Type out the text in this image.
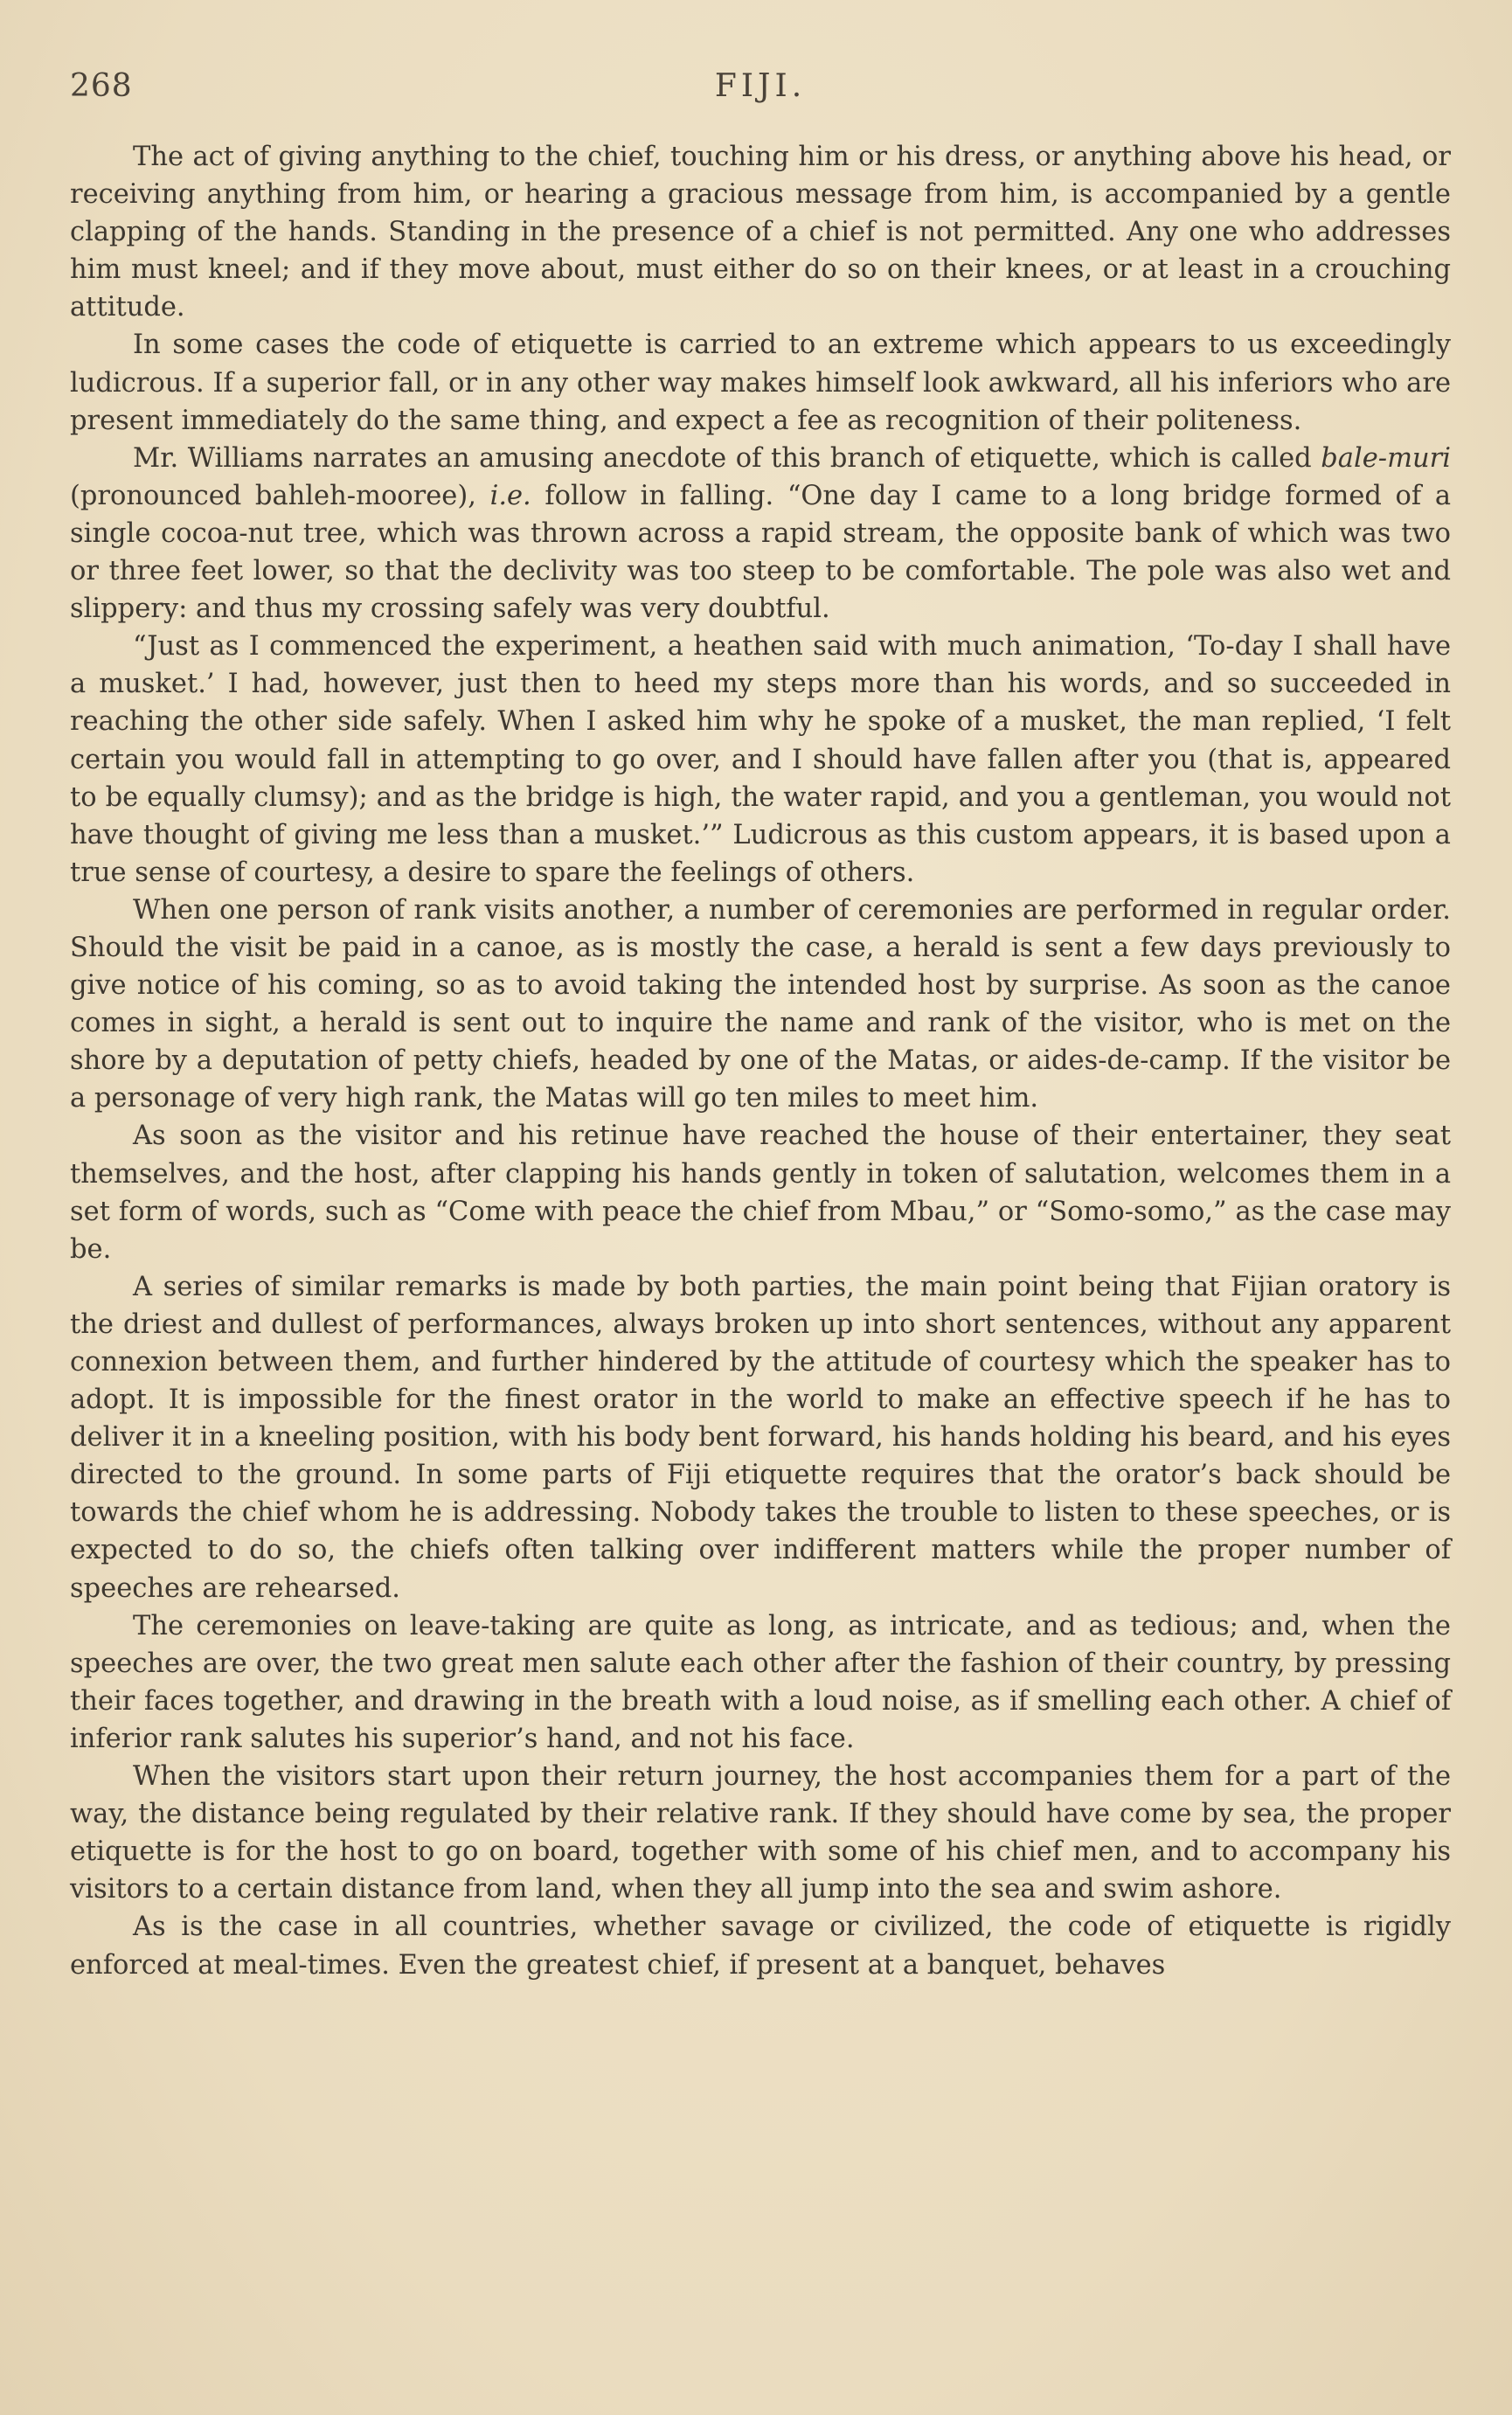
268	FIJI.

The act of giving anything to the chief, touching him or his dress, or anything above his head, or receiving anything from him, or hearing a gracious message from him, is accompanied by a gentle clapping of the hands. Standing in the presence of a chief is not permitted. Any one who addresses him must kneel; and if they move about, must either do so on their knees, or at least in a crouching attitude.

In some cases the code of etiquette is carried to an extreme which appears to us exceedingly ludicrous. If a superior fall, or in any other way makes himself look awkward, all his inferiors who are present immediately do the same thing, and expect a fee as recognition of their politeness.

Mr. Williams narrates an amusing anecdote of this branch of etiquette, which is called bale-muri (pronounced bahleh-mooree), i.e. follow in falling. “One day I came to a long bridge formed of a single cocoa-nut tree, which was thrown across a rapid stream, the opposite bank of which was two or three feet lower, so that the declivity was too steep to be comfortable. The pole was also wet and slippery: and thus my crossing safely was very doubtful.

“Just as I commenced the experiment, a heathen said with much animation, ‘To-day I shall have a musket.’ I had, however, just then to heed my steps more than his words, and so succeeded in reaching the other side safely. When I asked him why he spoke of a musket, the man replied, ‘I felt certain you would fall in attempting to go over, and I should have fallen after you (that is, appeared to be equally clumsy); and as the bridge is high, the water rapid, and you a gentleman, you would not have thought of giving me less than a musket.’” Ludicrous as this custom appears, it is based upon a true sense of courtesy, a desire to spare the feelings of others.

When one person of rank visits another, a number of ceremonies are performed in regular order. Should the visit be paid in a canoe, as is mostly the case, a herald is sent a few days previously to give notice of his coming, so as to avoid taking the intended host by surprise. As soon as the canoe comes in sight, a herald is sent out to inquire the name and rank of the visitor, who is met on the shore by a deputation of petty chiefs, headed by one of the Matas, or aides-de-camp. If the visitor be a personage of very high rank, the Matas will go ten miles to meet him.

As soon as the visitor and his retinue have reached the house of their entertainer, they seat themselves, and the host, after clapping his hands gently in token of salutation, welcomes them in a set form of words, such as “Come with peace the chief from Mbau,” or “Somo-somo,” as the case may be.

A series of similar remarks is made by both parties, the main point being that Fijian oratory is the driest and dullest of performances, always broken up into short sentences, without any apparent connexion between them, and further hindered by the attitude of courtesy which the speaker has to adopt. It is impossible for the finest orator in the world to make an effective speech if he has to deliver it in a kneeling position, with his body bent forward, his hands holding his beard, and his eyes directed to the ground. In some parts of Fiji etiquette requires that the orator’s back should be towards the chief whom he is addressing. Nobody takes the trouble to listen to these speeches, or is expected to do so, the chiefs often talking over indifferent matters while the proper number of speeches are rehearsed.

The ceremonies on leave-taking are quite as long, as intricate, and as tedious; and, when the speeches are over, the two great men salute each other after the fashion of their country, by pressing their faces together, and drawing in the breath with a loud noise, as if smelling each other. A chief of inferior rank salutes his superior’s hand, and not his face.

When the visitors start upon their return journey, the host accompanies them for a part of the way, the distance being regulated by their relative rank. If they should have come by sea, the proper etiquette is for the host to go on board, together with some of his chief men, and to accompany his visitors to a certain distance from land, when they all jump into the sea and swim ashore.

As is the case in all countries, whether savage or civilized, the code of etiquette is rigidly enforced at meal-times. Even the greatest chief, if present at a banquet, behaves
